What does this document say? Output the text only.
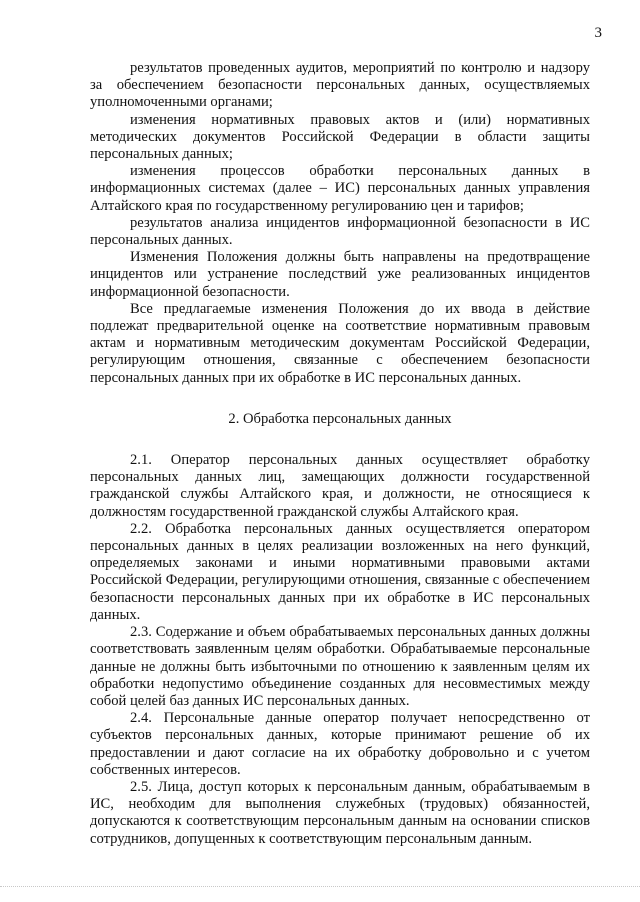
3

результатов проведенных аудитов, мероприятий по контролю и надзору за обеспечением безопасности персональных данных, осуществляемых уполномоченными органами;

изменения нормативных правовых актов и (или) нормативных методических документов Российской Федерации в области защиты персональных данных;

изменения процессов обработки персональных данных в информационных системах (далее – ИС) персональных данных управления Алтайского края по государственному регулированию цен и тарифов;

результатов анализа инцидентов информационной безопасности в ИС персональных данных.

Изменения Положения должны быть направлены на предотвращение инцидентов или устранение последствий уже реализованных инцидентов информационной безопасности.

Все предлагаемые изменения Положения до их ввода в действие подлежат предварительной оценке на соответствие нормативным правовым актам и нормативным методическим документам Российской Федерации, регулирующим отношения, связанные с обеспечением безопасности персональных данных при их обработке в ИС персональных данных.

2. Обработка персональных данных

2.1. Оператор персональных данных осуществляет обработку персональных данных лиц, замещающих должности государственной гражданской службы Алтайского края, и должности, не относящиеся к должностям государственной гражданской службы Алтайского края.

2.2. Обработка персональных данных осуществляется оператором персональных данных в целях реализации возложенных на него функций, определяемых законами и иными нормативными правовыми актами Российской Федерации, регулирующими отношения, связанные с обеспечением безопасности персональных данных при их обработке в ИС персональных данных.

2.3. Содержание и объем обрабатываемых персональных данных должны соответствовать заявленным целям обработки. Обрабатываемые персональные данные не должны быть избыточными по отношению к заявленным целям их обработки недопустимо объединение созданных для несовместимых между собой целей баз данных ИС персональных данных.

2.4. Персональные данные оператор получает непосредственно от субъектов персональных данных, которые принимают решение об их предоставлении и дают согласие на их обработку добровольно и с учетом собственных интересов.

2.5. Лица, доступ которых к персональным данным, обрабатываемым в ИС, необходим для выполнения служебных (трудовых) обязанностей, допускаются к соответствующим персональным данным на основании списков сотрудников, допущенных к соответствующим персональным данным.
